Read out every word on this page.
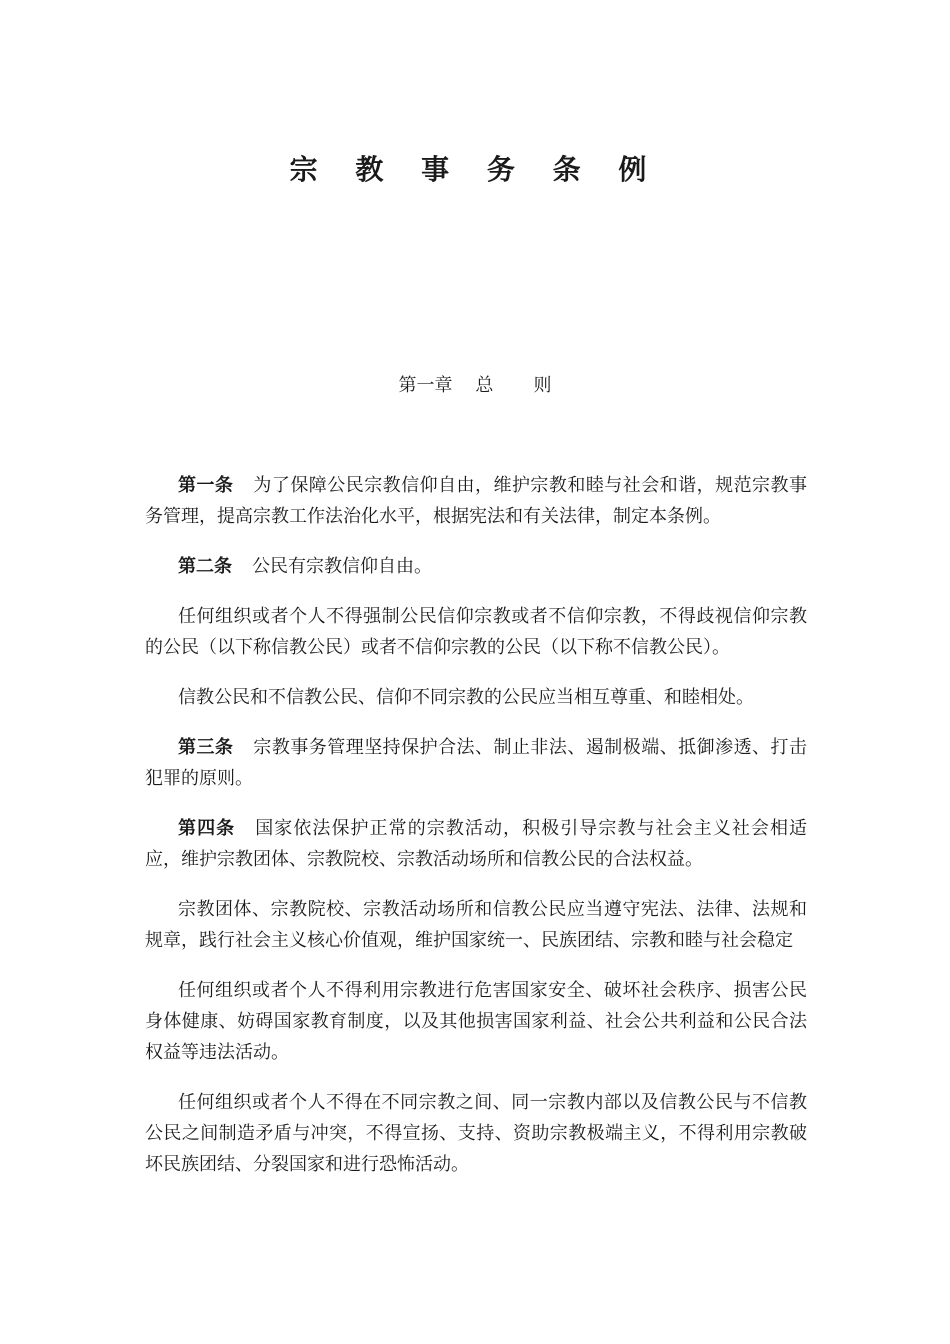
宗 教 事 务 条 例
第一章    总       则

第一条 为了保障公民宗教信仰自由，维护宗教和睦与社会和谐，规范宗教事务管理，提高宗教工作法治化水平，根据宪法和有关法律，制定本条例。

第二条 公民有宗教信仰自由。

任何组织或者个人不得强制公民信仰宗教或者不信仰宗教，不得歧视信仰宗教的公民（以下称信教公民）或者不信仰宗教的公民（以下称不信教公民）。

信教公民和不信教公民、信仰不同宗教的公民应当相互尊重、和睦相处。

第三条 宗教事务管理坚持保护合法、制止非法、遏制极端、抵御渗透、打击犯罪的原则。

第四条 国家依法保护正常的宗教活动，积极引导宗教与社会主义社会相适应，维护宗教团体、宗教院校、宗教活动场所和信教公民的合法权益。

宗教团体、宗教院校、宗教活动场所和信教公民应当遵守宪法、法律、法规和规章，践行社会主义核心价值观，维护国家统一、民族团结、宗教和睦与社会稳定

任何组织或者个人不得利用宗教进行危害国家安全、破坏社会秩序、损害公民身体健康、妨碍国家教育制度，以及其他损害国家利益、社会公共利益和公民合法权益等违法活动。

任何组织或者个人不得在不同宗教之间、同一宗教内部以及信教公民与不信教公民之间制造矛盾与冲突，不得宣扬、支持、资助宗教极端主义，不得利用宗教破坏民族团结、分裂国家和进行恐怖活动。
